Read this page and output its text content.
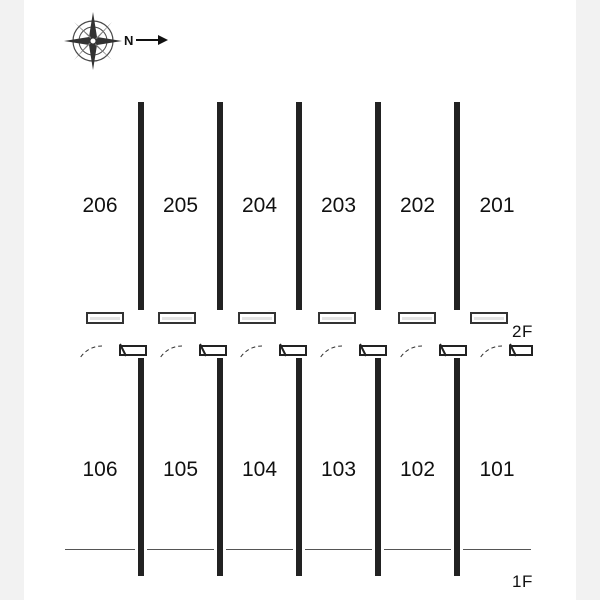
N
206	205	204	203	202	201
2F
106	105	104	103	102	101
1F
